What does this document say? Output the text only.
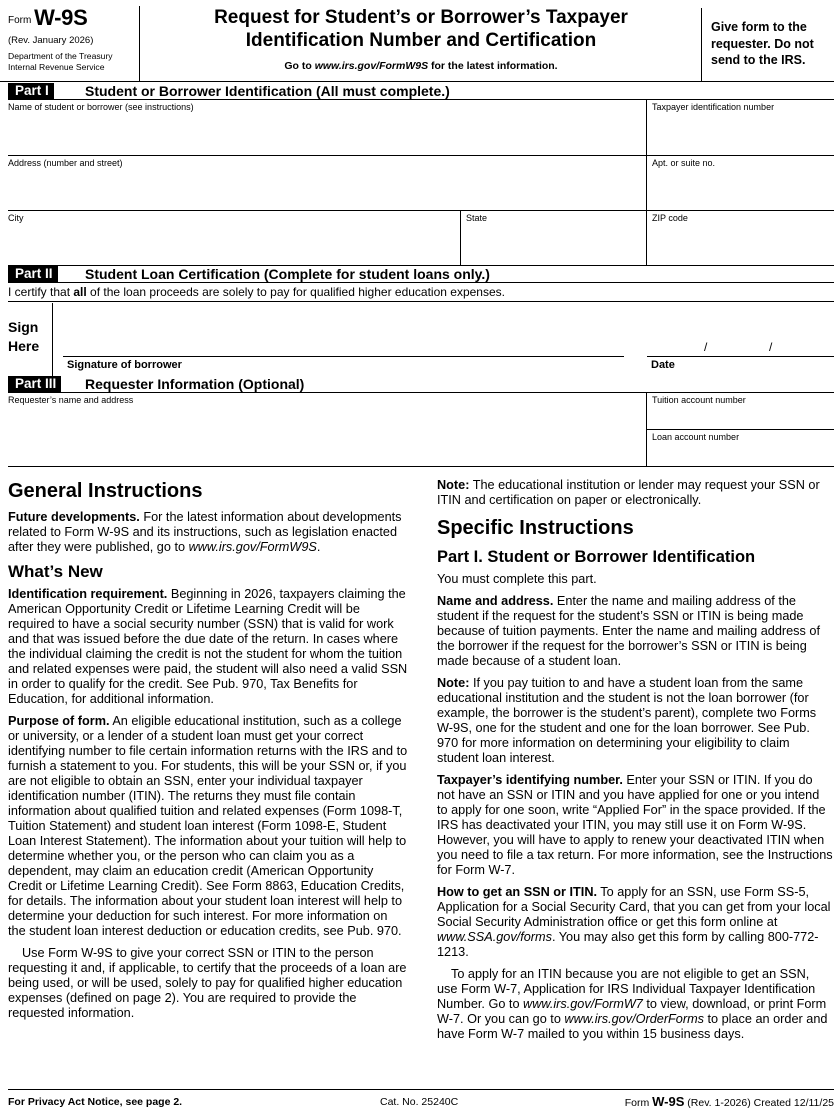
Form W-9S
(Rev. January 2026)
Department of the Treasury
Internal Revenue Service
Request for Student’s or Borrower’s Taxpayer
Identification Number and Certification
Go to www.irs.gov/FormW9S for the latest information.
Give form to the requester. Do not send to the IRS.
Part I	Student or Borrower Identification (All must complete.)
Name of student or borrower (see instructions)	Taxpayer identification number
Address (number and street)	Apt. or suite no.
City	State	ZIP code
Part II	Student Loan Certification (Complete for student loans only.)
I certify that all of the loan proceeds are solely to pay for qualified higher education expenses.
Sign
Here	/	/
Signature of borrower	Date
Part III	Requester Information (Optional)
Requester’s name and address	Tuition account number
Loan account number
General Instructions

Future developments. For the latest information about developments related to Form W-9S and its instructions, such as legislation enacted after they were published, go to www.irs.gov/FormW9S.

What’s New

Identification requirement. Beginning in 2026, taxpayers claiming the American Opportunity Credit or Lifetime Learning Credit will be required to have a social security number (SSN) that is valid for work and that was issued before the due date of the return. In cases where the individual claiming the credit is not the student for whom the tuition and related expenses were paid, the student will also need a valid SSN in order to qualify for the credit. See Pub. 970, Tax Benefits for Education, for additional information.

Purpose of form. An eligible educational institution, such as a college or university, or a lender of a student loan must get your correct identifying number to file certain information returns with the IRS and to furnish a statement to you. For students, this will be your SSN or, if you are not eligible to obtain an SSN, enter your individual taxpayer identification number (ITIN). The returns they must file contain information about qualified tuition and related expenses (Form 1098-T, Tuition Statement) and student loan interest (Form 1098-E, Student Loan Interest Statement). The information about your tuition will help to determine whether you, or the person who can claim you as a dependent, may claim an education credit (American Opportunity Credit or Lifetime Learning Credit). See Form 8863, Education Credits, for details. The information about your student loan interest will help to determine your deduction for such interest. For more information on the student loan interest deduction or education credits, see Pub. 970.

Use Form W-9S to give your correct SSN or ITIN to the person requesting it and, if applicable, to certify that the proceeds of a loan are being used, or will be used, solely to pay for qualified higher education expenses (defined on page 2). You are required to provide the requested information.

Note: The educational institution or lender may request your SSN or ITIN and certification on paper or electronically.

Specific Instructions
Part I. Student or Borrower Identification

You must complete this part.

Name and address. Enter the name and mailing address of the student if the request for the student’s SSN or ITIN is being made because of tuition payments. Enter the name and mailing address of the borrower if the request for the borrower’s SSN or ITIN is being made because of a student loan.

Note: If you pay tuition to and have a student loan from the same educational institution and the student is not the loan borrower (for example, the borrower is the student’s parent), complete two Forms W-9S, one for the student and one for the loan borrower. See Pub. 970 for more information on determining your eligibility to claim student loan interest.

Taxpayer’s identifying number. Enter your SSN or ITIN. If you do not have an SSN or ITIN and you have applied for one or you intend to apply for one soon, write “Applied For” in the space provided. If the IRS has deactivated your ITIN, you may still use it on Form W-9S. However, you will have to apply to renew your deactivated ITIN when you need to file a tax return. For more information, see the Instructions for Form W-7.

How to get an SSN or ITIN. To apply for an SSN, use Form SS-5, Application for a Social Security Card, that you can get from your local Social Security Administration office or get this form online at www.SSA.gov/forms. You may also get this form by calling 800-772-1213.

To apply for an ITIN because you are not eligible to get an SSN, use Form W-7, Application for IRS Individual Taxpayer Identification Number. Go to www.irs.gov/FormW7 to view, download, or print Form W-7. Or you can go to www.irs.gov/OrderForms to place an order and have Form W-7 mailed to you within 15 business days.

For Privacy Act Notice, see page 2.	Cat. No. 25240C	Form W-9S (Rev. 1-2026) Created 12/11/25
